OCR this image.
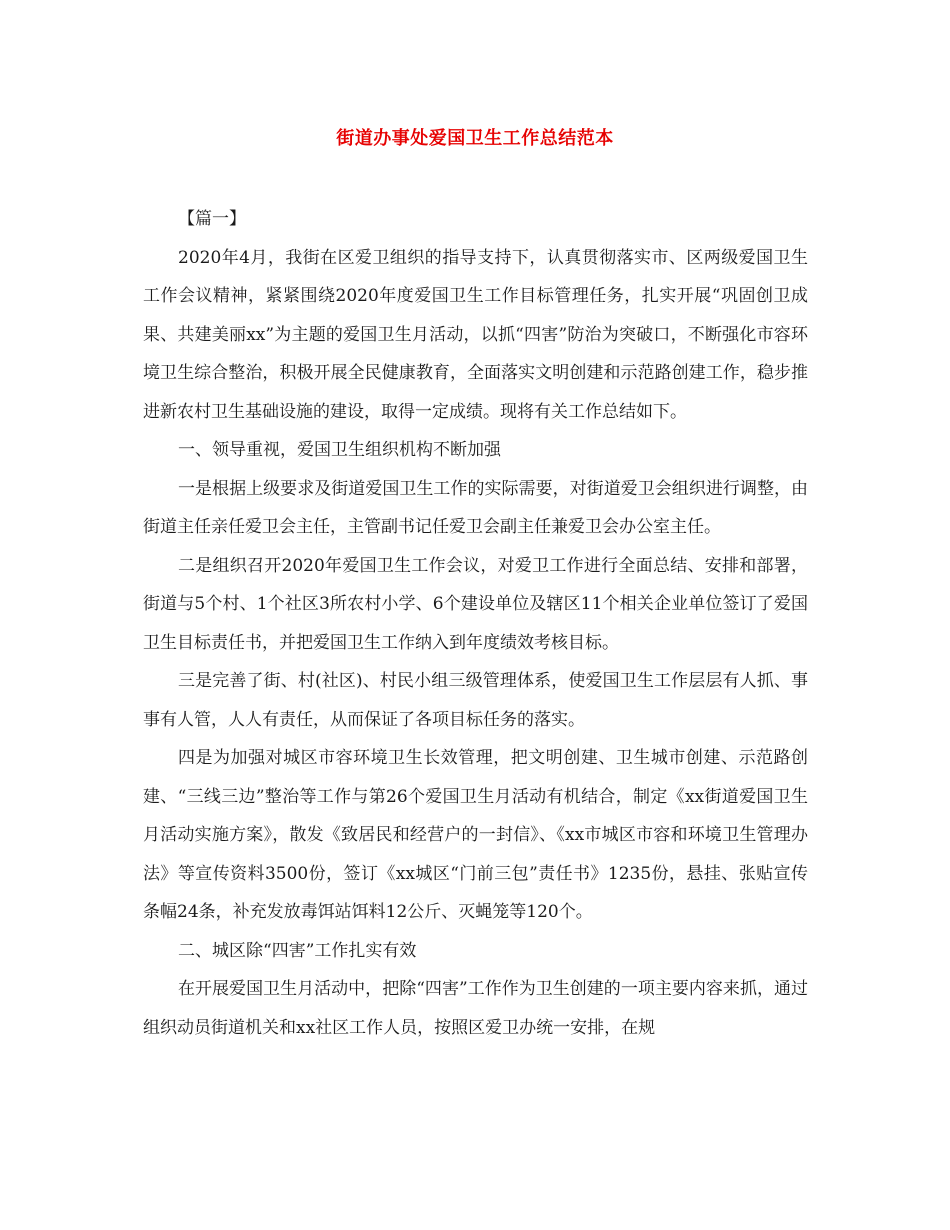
街道办事处爱国卫生工作总结范本

【篇一】

2020年4月，我街在区爱卫组织的指导支持下，认真贯彻落实市、区两级爱国卫生工作会议精神，紧紧围绕2020年度爱国卫生工作目标管理任务，扎实开展“巩固创卫成果、共建美丽xx”为主题的爱国卫生月活动，以抓“四害”防治为突破口，不断强化市容环境卫生综合整治，积极开展全民健康教育，全面落实文明创建和示范路创建工作，稳步推进新农村卫生基础设施的建设，取得一定成绩。现将有关工作总结如下。

一、领导重视，爱国卫生组织机构不断加强

一是根据上级要求及街道爱国卫生工作的实际需要，对街道爱卫会组织进行调整，由街道主任亲任爱卫会主任，主管副书记任爱卫会副主任兼爱卫会办公室主任。

二是组织召开2020年爱国卫生工作会议，对爱卫工作进行全面总结、安排和部署，街道与5个村、1个社区3所农村小学、6个建设单位及辖区11个相关企业单位签订了爱国卫生目标责任书，并把爱国卫生工作纳入到年度绩效考核目标。

三是完善了街、村(社区)、村民小组三级管理体系，使爱国卫生工作层层有人抓、事事有人管，人人有责任，从而保证了各项目标任务的落实。

四是为加强对城区市容环境卫生长效管理，把文明创建、卫生城市创建、示范路创建、“三线三边”整治等工作与第26个爱国卫生月活动有机结合，制定《xx街道爱国卫生月活动实施方案》，散发《致居民和经营户的一封信》、《xx市城区市容和环境卫生管理办法》等宣传资料3500份，签订《xx城区“门前三包”责任书》1235份，悬挂、张贴宣传条幅24条，补充发放毒饵站饵料12公斤、灭蝇笼等120个。

二、城区除“四害”工作扎实有效

在开展爱国卫生月活动中，把除“四害”工作作为卫生创建的一项主要内容来抓，通过组织动员街道机关和xx社区工作人员，按照区爱卫办统一安排，在规
